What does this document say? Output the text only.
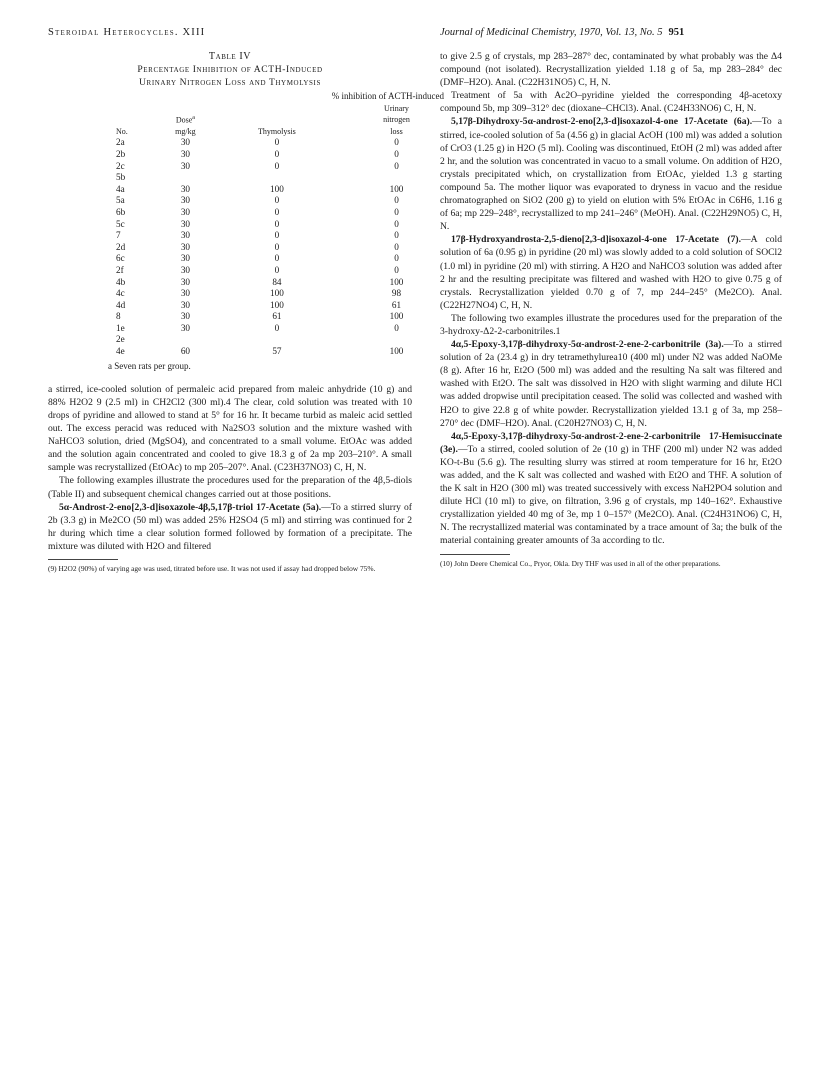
Steroidal Heterocycles. XIII	Journal of Medicinal Chemistry, 1970, Vol. 13, No. 5 951
Table IV
Percentage Inhibition of ACTH-Induced
Urinary Nitrogen Loss and Thymolysis
		% inhibition of ACTH-induced	
No.	Dose$^a$
mg/kg	Thymolysis	Urinary
nitrogen
loss
2a	30	0	0
2b	30	0	0
2c	30	0	0
5b			
4a	30	100	100
5a	30	0	0
6b	30	0	0
5c	30	0	0
7	30	0	0
2d	30	0	0
6c	30	0	0
2f	30	0	0
4b	30	84	100
4c	30	100	98
4d	30	100	61
8	30	61	100
1e	30	0	0
2e			
4e	60	57	100
a Seven rats per group.

a stirred, ice-cooled solution of permaleic acid prepared from maleic anhydride (10 g) and 88% H2O2 9 (2.5 ml) in CH2Cl2 (300 ml).4 The clear, cold solution was treated with 10 drops of pyridine and allowed to stand at 5° for 16 hr. It became turbid as maleic acid settled out. The excess peracid was reduced with Na2SO3 solution and the mixture washed with NaHCO3 solution, dried (MgSO4), and concentrated to a small volume. EtOAc was added and the solution again concentrated and cooled to give 18.3 g of 2a mp 203–210°. A small sample was recrystallized (EtOAc) to mp 205–207°. Anal. (C23H37NO3) C, H, N.

The following examples illustrate the procedures used for the preparation of the 4β,5-diols (Table II) and subsequent chemical changes carried out at those positions.

5α-Androst-2-eno[2,3-d]isoxazole-4β,5,17β-triol 17-Acetate (5a).—To a stirred slurry of 2b (3.3 g) in Me2CO (50 ml) was added 25% H2SO4 (5 ml) and stirring was continued for 2 hr during which time a clear solution formed followed by formation of a precipitate. The mixture was diluted with H2O and filtered

(9) H2O2 (90%) of varying age was used, titrated before use. It was not used if assay had dropped below 75%.

to give 2.5 g of crystals, mp 283–287° dec, contaminated by what probably was the Δ4 compound (not isolated). Recrystallization yielded 1.18 g of 5a, mp 283–284° dec (DMF–H2O). Anal. (C22H31NO5) C, H, N.

Treatment of 5a with Ac2O–pyridine yielded the corresponding 4β-acetoxy compound 5b, mp 309–312° dec (dioxane–CHCl3). Anal. (C24H33NO6) C, H, N.

5,17β-Dihydroxy-5α-androst-2-eno[2,3-d]isoxazol-4-one 17-Acetate (6a).—To a stirred, ice-cooled solution of 5a (4.56 g) in glacial AcOH (100 ml) was added a solution of CrO3 (1.25 g) in H2O (5 ml). Cooling was discontinued, EtOH (2 ml) was added after 2 hr, and the solution was concentrated in vacuo to a small volume. On addition of H2O, crystals precipitated which, on crystallization from EtOAc, yielded 1.3 g starting compound 5a. The mother liquor was evaporated to dryness in vacuo and the residue chromatographed on SiO2 (200 g) to yield on elution with 5% EtOAc in C6H6, 1.16 g of 6a; mp 229–248°, recrystallized to mp 241–246° (MeOH). Anal. (C22H29NO5) C, H, N.

17β-Hydroxyandrosta-2,5-dieno[2,3-d]isoxazol-4-one 17-Acetate (7).—A cold solution of 6a (0.95 g) in pyridine (20 ml) was slowly added to a cold solution of SOCl2 (1.0 ml) in pyridine (20 ml) with stirring. A H2O and NaHCO3 solution was added after 2 hr and the resulting precipitate was filtered and washed with H2O to give 0.75 g of crystals. Recrystallization yielded 0.70 g of 7, mp 244–245° (Me2CO). Anal. (C22H27NO4) C, H, N.

The following two examples illustrate the procedures used for the preparation of the 3-hydroxy-Δ2-2-carbonitriles.1

4α,5-Epoxy-3,17β-dihydroxy-5α-androst-2-ene-2-carbonitrile (3a).—To a stirred solution of 2a (23.4 g) in dry tetramethylurea10 (400 ml) under N2 was added NaOMe (8 g). After 16 hr, Et2O (500 ml) was added and the resulting Na salt was filtered and washed with Et2O. The salt was dissolved in H2O with slight warming and dilute HCl was added dropwise until precipitation ceased. The solid was collected and washed with H2O to give 22.8 g of white powder. Recrystallization yielded 13.1 g of 3a, mp 258–270° dec (DMF–H2O). Anal. (C20H27NO3) C, H, N.

4α,5-Epoxy-3,17β-dihydroxy-5α-androst-2-ene-2-carbonitrile 17-Hemisuccinate (3e).—To a stirred, cooled solution of 2e (10 g) in THF (200 ml) under N2 was added KO-t-Bu (5.6 g). The resulting slurry was stirred at room temperature for 16 hr, Et2O was added, and the K salt was collected and washed with Et2O and THF. A solution of the K salt in H2O (300 ml) was treated successively with excess NaH2PO4 solution and dilute HCl (10 ml) to give, on filtration, 3.96 g of crystals, mp 140–162°. Exhaustive crystallization yielded 40 mg of 3e, mp 1 0–157° (Me2CO). Anal. (C24H31NO6) C, H, N. The recrystallized material was contaminated by a trace amount of 3a; the bulk of the material containing greater amounts of 3a according to tlc.

(10) John Deere Chemical Co., Pryor, Okla. Dry THF was used in all of the other preparations.
